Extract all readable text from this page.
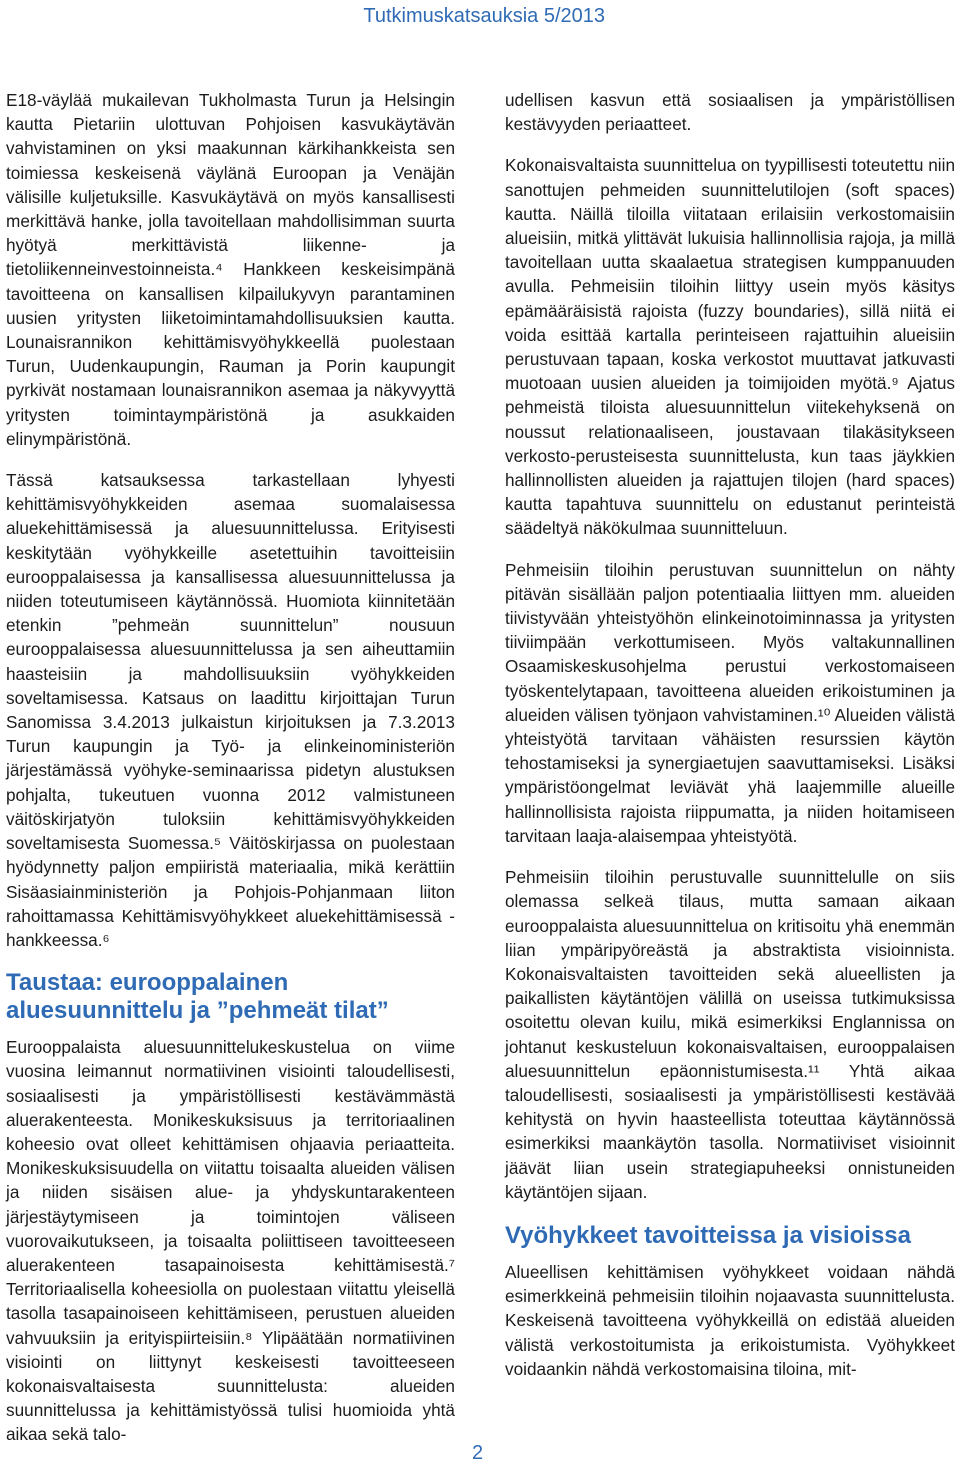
Tutkimuskatsauksia 5/2013

E18-väylää mukailevan Tukholmasta Turun ja Helsingin kautta Pietariin ulottuvan Pohjoisen kasvukäytävän vahvistaminen on yksi maakunnan kärkihankkeista sen toimiessa keskeisenä väylänä Euroopan ja Venäjän välisille kuljetuksille. Kasvukäytävä on myös kansallisesti merkittävä hanke, jolla tavoitellaan mahdollisimman suurta hyötyä merkittävistä liikenne- ja tietoliikenneinvestoinneista.⁴ Hankkeen keskeisimpänä tavoitteena on kansallisen kilpailukyvyn parantaminen uusien yritysten liiketoimintamahdollisuuksien kautta. Lounaisrannikon kehittämisvyöhykkeellä puolestaan Turun, Uudenkaupungin, Rauman ja Porin kaupungit pyrkivät nostamaan lounaisrannikon asemaa ja näkyvyyttä yritysten toimintaympäristönä ja asukkaiden elinympäristönä.

Tässä katsauksessa tarkastellaan lyhyesti kehittämisvyöhykkeiden asemaa suomalaisessa aluekehittämisessä ja aluesuunnittelussa. Erityisesti keskitytään vyöhykkeille asetettuihin tavoitteisiin eurooppalaisessa ja kansallisessa aluesuunnittelussa ja niiden toteutumiseen käytännössä. Huomiota kiinnitetään etenkin ”pehmeän suunnittelun” nousuun eurooppalaisessa aluesuunnittelussa ja sen aiheuttamiin haasteisiin ja mahdollisuuksiin vyöhykkeiden soveltamisessa. Katsaus on laadittu kirjoittajan Turun Sanomissa 3.4.2013 julkaistun kirjoituksen ja 7.3.2013 Turun kaupungin ja Työ- ja elinkeinoministeriön järjestämässä vyöhyke-seminaarissa pidetyn alustuksen pohjalta, tukeutuen vuonna 2012 valmistuneen väitöskirjatyön tuloksiin kehittämisvyöhykkeiden soveltamisesta Suomessa.⁵ Väitöskirjassa on puolestaan hyödynnetty paljon empiiristä materiaalia, mikä kerättiin Sisäasiainministeriön ja Pohjois-Pohjanmaan liiton rahoittamassa Kehittämisvyöhykkeet aluekehittämisessä -hankkeessa.⁶

Taustaa: eurooppalainen aluesuunnittelu ja ”pehmeät tilat”

Eurooppalaista aluesuunnittelukeskustelua on viime vuosina leimannut normatiivinen visiointi taloudellisesti, sosiaalisesti ja ympäristöllisesti kestävämmästä aluerakenteesta. Monikeskuksisuus ja territoriaalinen koheesio ovat olleet kehittämisen ohjaavia periaatteita. Monikeskuksisuudella on viitattu toisaalta alueiden välisen ja niiden sisäisen alue- ja yhdyskuntarakenteen järjestäytymiseen ja toimintojen väliseen vuorovaikutukseen, ja toisaalta poliittiseen tavoitteeseen aluerakenteen tasapainoisesta kehittämisestä.⁷ Territoriaalisella koheesiolla on puolestaan viitattu yleisellä tasolla tasapainoiseen kehittämiseen, perustuen alueiden vahvuuksiin ja erityispiirteisiin.⁸ Ylipäätään normatiivinen visiointi on liittynyt keskeisesti tavoitteeseen kokonaisvaltaisesta suunnittelusta: alueiden suunnittelussa ja kehittämistyössä tulisi huomioida yhtä aikaa sekä talo-

udellisen kasvun että sosiaalisen ja ympäristöllisen kestävyyden periaatteet.

Kokonaisvaltaista suunnittelua on tyypillisesti toteutettu niin sanottujen pehmeiden suunnittelutilojen (soft spaces) kautta. Näillä tiloilla viitataan erilaisiin verkostomaisiin alueisiin, mitkä ylittävät lukuisia hallinnollisia rajoja, ja millä tavoitellaan uutta skaalaetua strategisen kumppanuuden avulla. Pehmeisiin tiloihin liittyy usein myös käsitys epämääräisistä rajoista (fuzzy boundaries), sillä niitä ei voida esittää kartalla perinteiseen rajattuihin alueisiin perustuvaan tapaan, koska verkostot muuttavat jatkuvasti muotoaan uusien alueiden ja toimijoiden myötä.⁹ Ajatus pehmeistä tiloista aluesuunnittelun viitekehyksenä on noussut relationaaliseen, joustavaan tilakäsitykseen verkosto-perusteisesta suunnittelusta, kun taas jäykkien hallinnollisten alueiden ja rajattujen tilojen (hard spaces) kautta tapahtuva suunnittelu on edustanut perinteistä säädeltyä näkökulmaa suunnitteluun.

Pehmeisiin tiloihin perustuvan suunnittelun on nähty pitävän sisällään paljon potentiaalia liittyen mm. alueiden tiivistyvään yhteistyöhön elinkeinotoiminnassa ja yritysten tiiviimpään verkottumiseen. Myös valtakunnallinen Osaamiskeskusohjelma perustui verkostomaiseen työskentelytapaan, tavoitteena alueiden erikoistuminen ja alueiden välisen työnjaon vahvistaminen.¹⁰ Alueiden välistä yhteistyötä tarvitaan vähäisten resurssien käytön tehostamiseksi ja synergiaetujen saavuttamiseksi. Lisäksi ympäristöongelmat leviävät yhä laajemmille alueille hallinnollisista rajoista riippumatta, ja niiden hoitamiseen tarvitaan laaja-alaisempaa yhteistyötä.

Pehmeisiin tiloihin perustuvalle suunnittelulle on siis olemassa selkeä tilaus, mutta samaan aikaan eurooppalaista aluesuunnittelua on kritisoitu yhä enemmän liian ympäripyöreästä ja abstraktista visioinnista. Kokonaisvaltaisten tavoitteiden sekä alueellisten ja paikallisten käytäntöjen välillä on useissa tutkimuksissa osoitettu olevan kuilu, mikä esimerkiksi Englannissa on johtanut keskusteluun kokonaisvaltaisen, eurooppalaisen aluesuunnittelun epäonnistumisesta.¹¹ Yhtä aikaa taloudellisesti, sosiaalisesti ja ympäristöllisesti kestävää kehitystä on hyvin haasteellista toteuttaa käytännössä esimerkiksi maankäytön tasolla. Normatiiviset visioinnit jäävät liian usein strategiapuheeksi onnistuneiden käytäntöjen sijaan.

Vyöhykkeet tavoitteissa ja visioissa

Alueellisen kehittämisen vyöhykkeet voidaan nähdä esimerkkeinä pehmeisiin tiloihin nojaavasta suunnittelusta. Keskeisenä tavoitteena vyöhykkeillä on edistää alueiden välistä verkostoitumista ja erikoistumista. Vyöhykkeet voidaankin nähdä verkostomaisina tiloina, mit-

2
